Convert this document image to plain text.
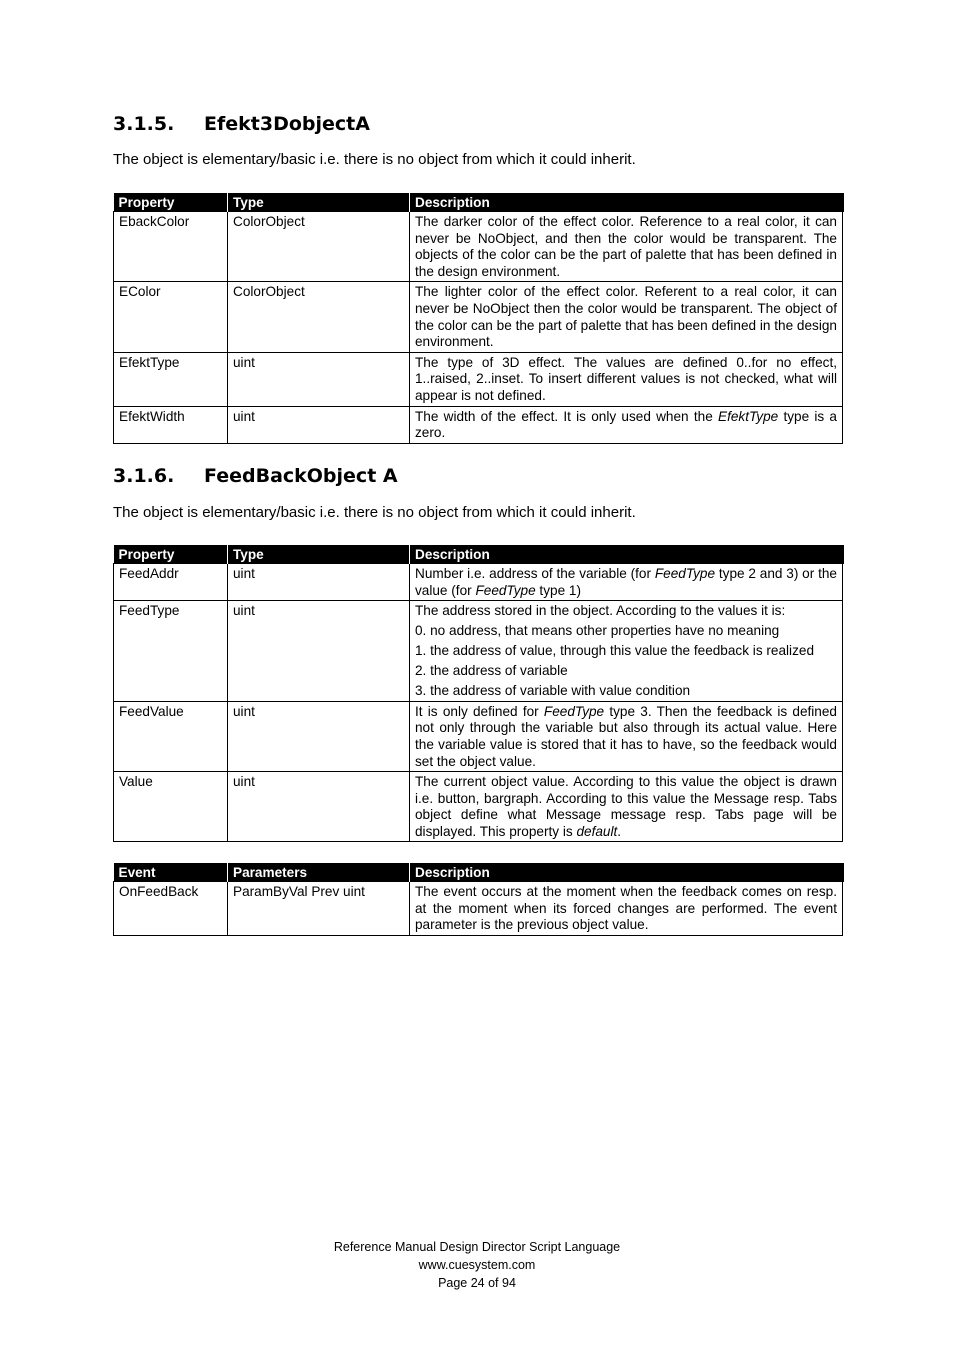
3.1.5. Efekt3DobjectA

The object is elementary/basic i.e. there is no object from which it could inherit.

Property	Type	Description
EbackColor	ColorObject	The darker color of the effect color. Reference to a real color, it can never be NoObject, and then the color would be transparent. The objects of the color can be the part of palette that has been defined in the design environment.
EColor	ColorObject	The lighter color of the effect color. Referent to a real color, it can never be NoObject then the color would be transparent. The object of the color can be the part of palette that has been defined in the design environment.
EfektType	uint	The type of 3D effect. The values are defined 0..for no effect, 1..raised, 2..inset. To insert different values is not checked, what will appear is not defined.
EfektWidth	uint	The width of the effect. It is only used when the EfektType type is a zero.
3.1.6. FeedBackObject A

The object is elementary/basic i.e. there is no object from which it could inherit.

Property	Type	Description
FeedAddr	uint	Number i.e. address of the variable (for FeedType type 2 and 3) or the value (for FeedType type 1)
FeedType	uint	The address stored in the object. According to the values it is:
0. no address, that means other properties have no meaning
1. the address of value, through this value the feedback is realized
2. the address of variable
3. the address of variable with value condition

FeedValue	uint	It is only defined for FeedType type 3. Then the feedback is defined not only through the variable but also through its actual value. Here the variable value is stored that it has to have, so the feedback would set the object value.
Value	uint	The current object value. According to this value the object is drawn i.e. button, bargraph. According to this value the Message resp. Tabs object define what Message message resp. Tabs page will be displayed. This property is default.
Event	Parameters	Description
OnFeedBack	ParamByVal Prev uint	The event occurs at the moment when the feedback comes on resp. at the moment when its forced changes are performed. The event parameter is the previous object value.
Reference Manual Design Director Script Language
www.cuesystem.com
Page 24 of 94
